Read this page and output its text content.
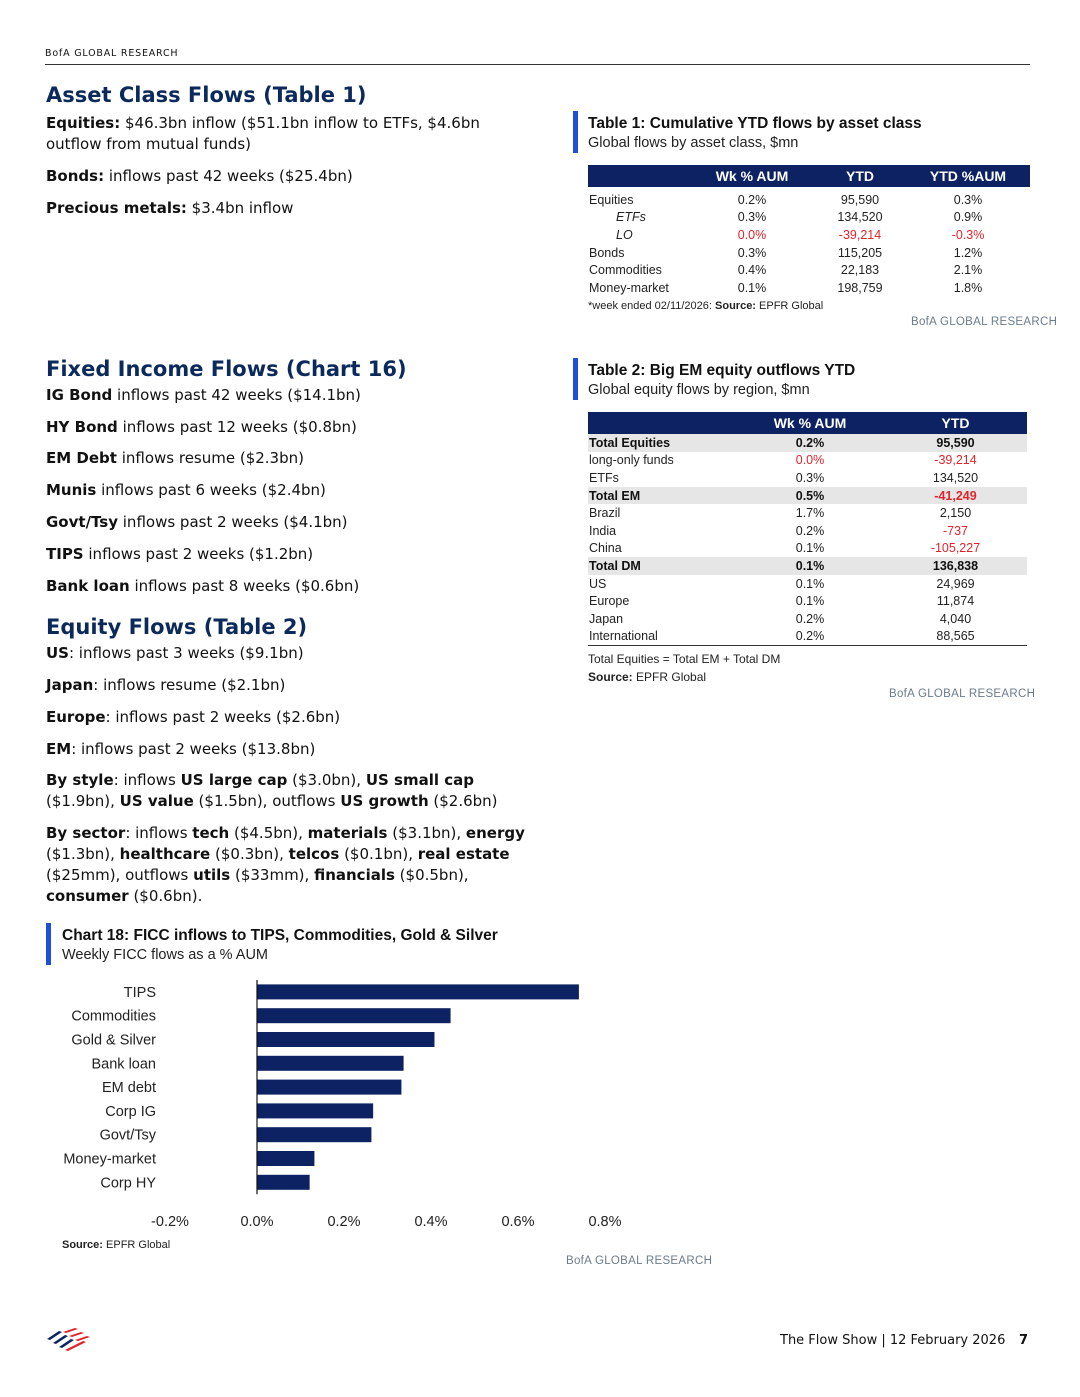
BofA GLOBAL RESEARCH
Asset Class Flows (Table 1)
Equities: $46.3bn inflow ($51.1bn inflow to ETFs, $4.6bn outflow from mutual funds)
Bonds: inflows past 42 weeks ($25.4bn)
Precious metals: $3.4bn inflow
Fixed Income Flows (Chart 16)
IG Bond inflows past 42 weeks ($14.1bn)
HY Bond inflows past 12 weeks ($0.8bn)
EM Debt inflows resume ($2.3bn)
Munis inflows past 6 weeks ($2.4bn)
Govt/Tsy inflows past 2 weeks ($4.1bn)
TIPS inflows past 2 weeks ($1.2bn)
Bank loan inflows past 8 weeks ($0.6bn)
Equity Flows (Table 2)
US: inflows past 3 weeks ($9.1bn)
Japan: inflows resume ($2.1bn)
Europe: inflows past 2 weeks ($2.6bn)
EM: inflows past 2 weeks ($13.8bn)
By style: inflows US large cap ($3.0bn), US small cap ($1.9bn), US value ($1.5bn), outflows US growth ($2.6bn)
By sector: inflows tech ($4.5bn), materials ($3.1bn), energy ($1.3bn), healthcare ($0.3bn), telcos ($0.1bn), real estate ($25mm), outflows utils ($33mm), financials ($0.5bn), consumer ($0.6bn).
Chart 18: FICC inflows to TIPS, Commodities, Gold & Silver
Weekly FICC flows as a % AUM
TIPS
Commodities
Gold & Silver
Bank loan
EM debt
Corp IG
Govt/Tsy
Money-market
Corp HY
-0.2%	0.0%	0.2%	0.4%	0.6%	0.8%
Source: EPFR Global
BofA GLOBAL RESEARCH
Table 1: Cumulative YTD flows by asset class
Global flows by asset class, $mn
	Wk % AUM	YTD	YTD %AUM

Equities	0.2%	95,590	0.3%
ETFs	0.3%	134,520	0.9%
LO	0.0%	-39,214	-0.3%
Bonds	0.3%	115,205	1.2%
Commodities	0.4%	22,183	2.1%
Money-market	0.1%	198,759	1.8%
*week ended 02/11/2026: Source: EPFR Global
BofA GLOBAL RESEARCH
Table 2: Big EM equity outflows YTD
Global equity flows by region, $mn
	Wk % AUM	YTD
Total Equities	0.2%	95,590
long-only funds	0.0%	-39,214
ETFs	0.3%	134,520
Total EM	0.5%	-41,249
Brazil	1.7%	2,150
India	0.2%	-737
China	0.1%	-105,227
Total DM	0.1%	136,838
US	0.1%	24,969
Europe	0.1%	11,874
Japan	0.2%	4,040
International	0.2%	88,565
Total Equities = Total EM + Total DM
Source: EPFR Global
BofA GLOBAL RESEARCH
The Flow Show | 12 February 2026 7
